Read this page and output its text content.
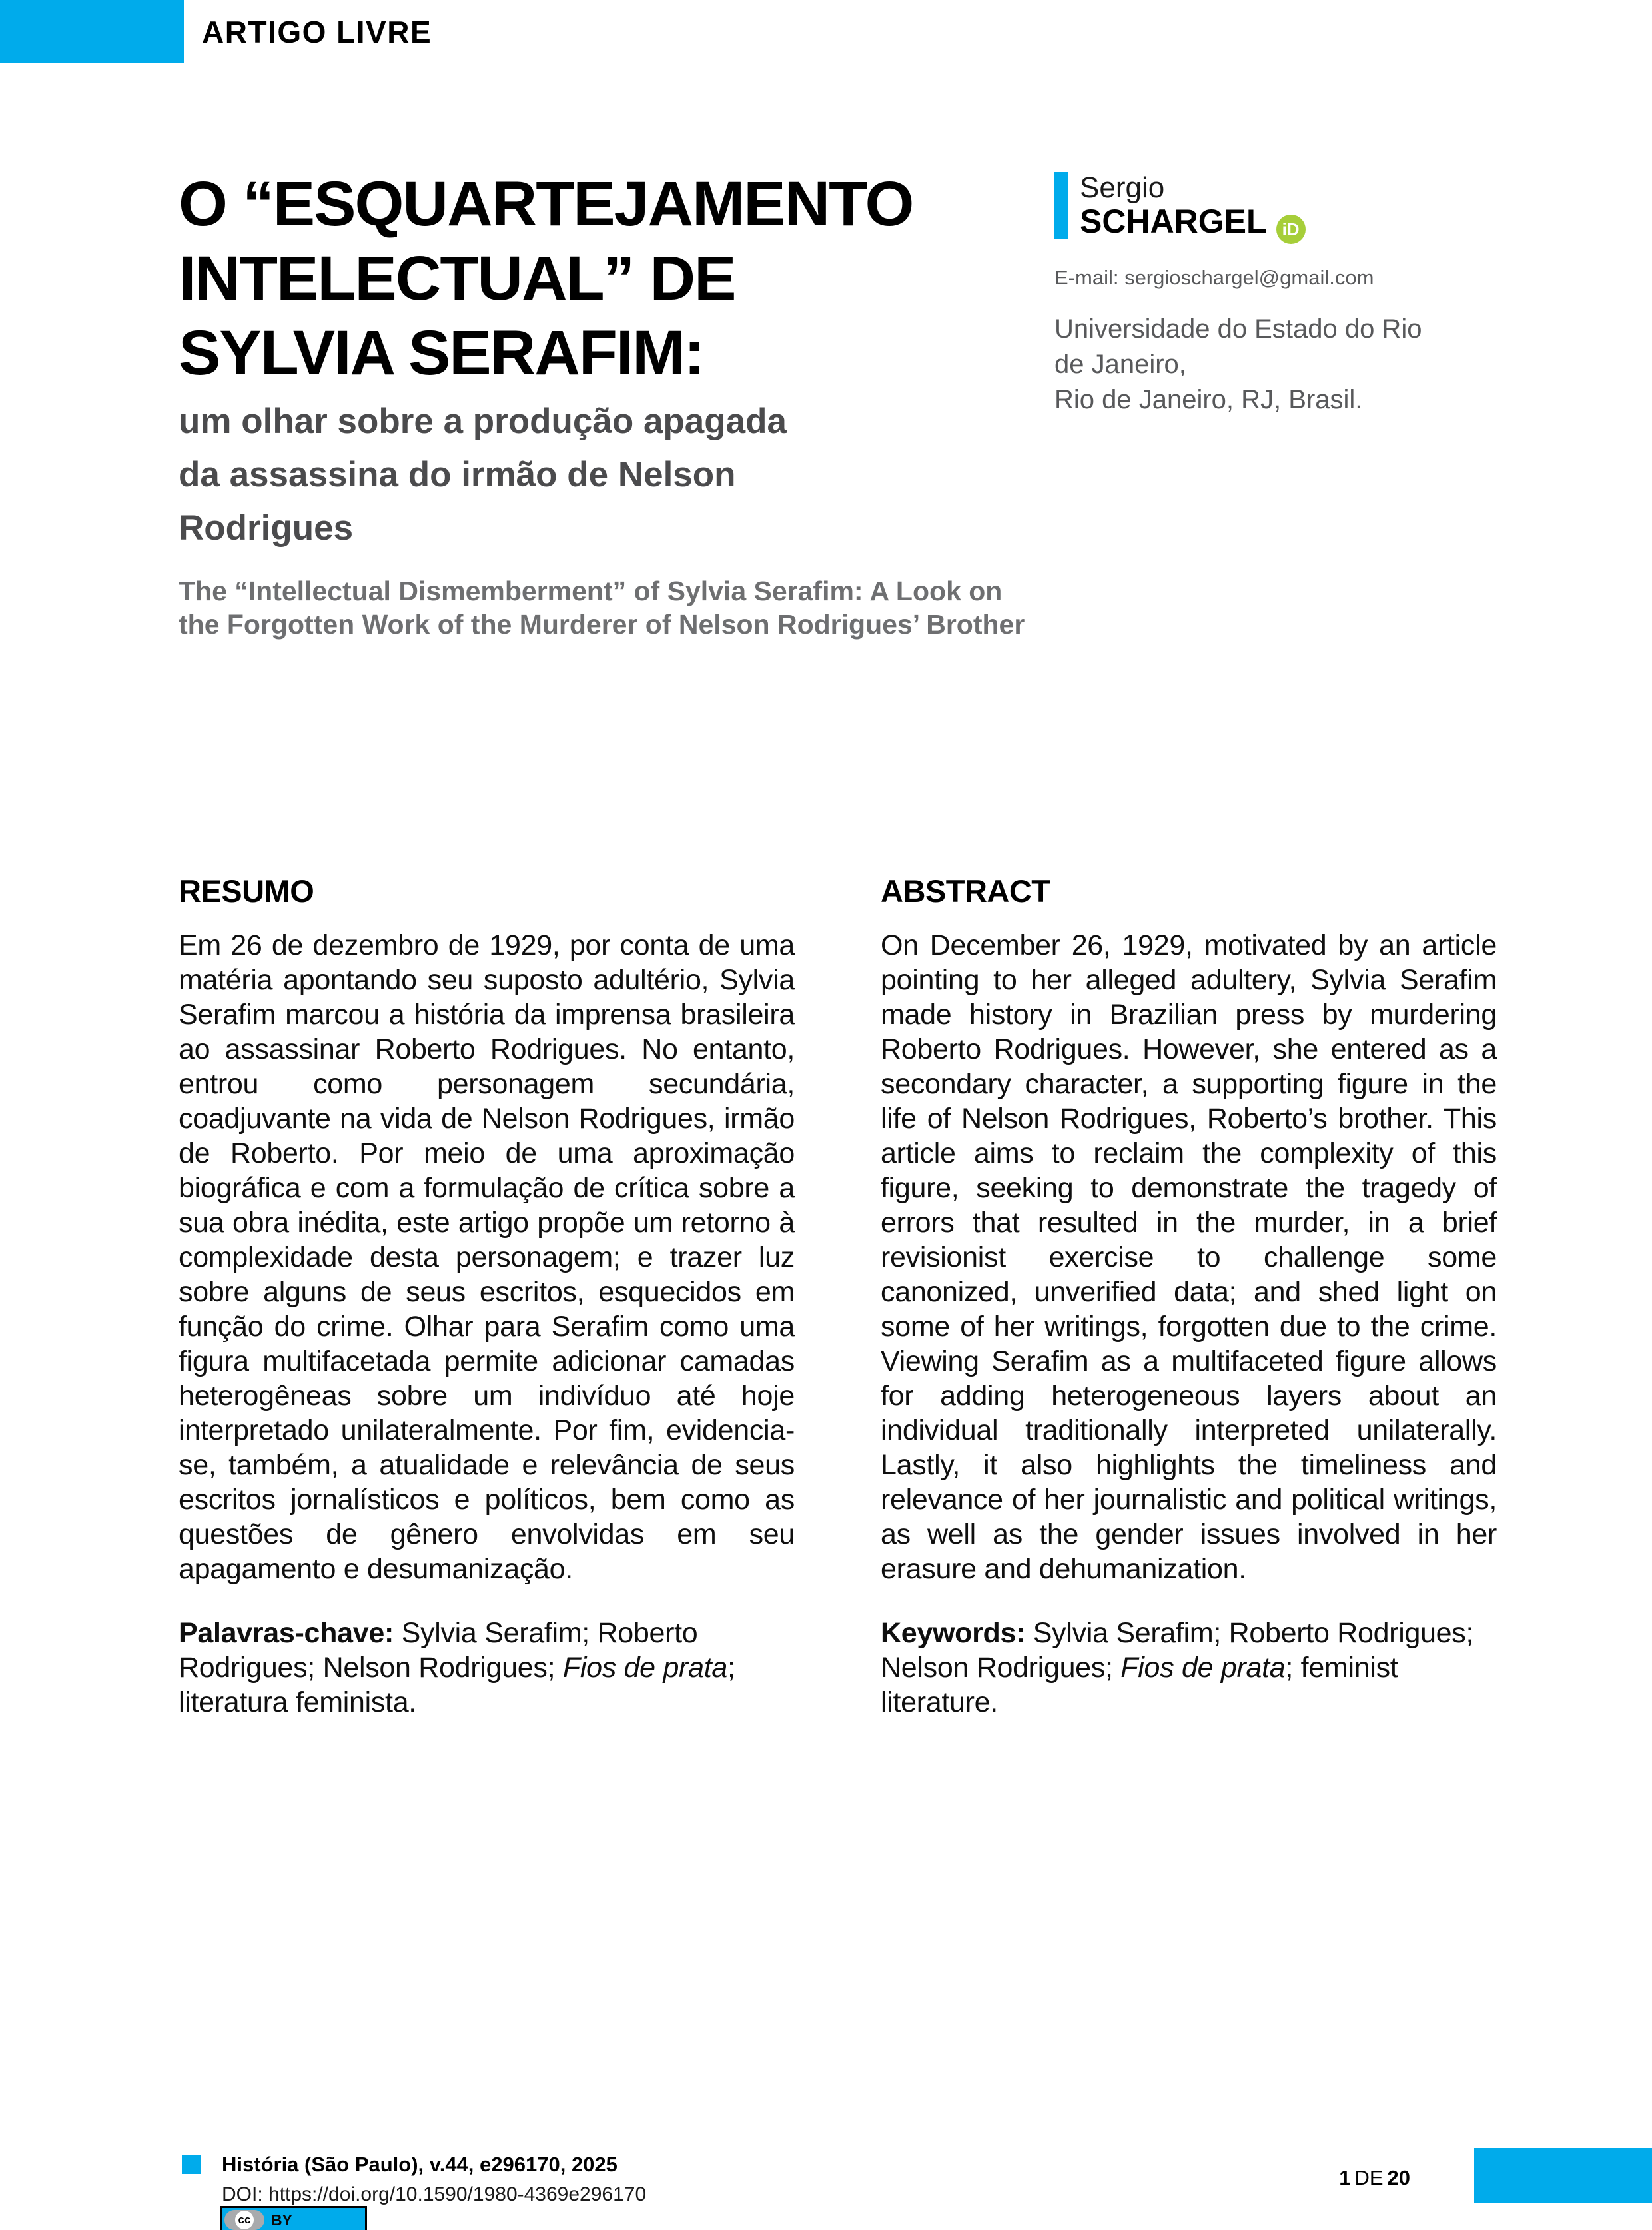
ARTIGO LIVRE
O “ESQUARTEJAMENTO
INTELECTUAL” DE
SYLVIA SERAFIM:
um olhar sobre a produção apagada
da assassina do irmão de Nelson
Rodrigues
The “Intellectual Dismemberment” of Sylvia Serafim: A Look on
the Forgotten Work of the Murderer of Nelson Rodrigues’ Brother
Sergio
SCHARGEL iD
E-mail: sergioschargel@gmail.com
Universidade do Estado do Rio
de Janeiro,
Rio de Janeiro, RJ, Brasil.
RESUMO

Em 26 de dezembro de 1929, por conta de uma matéria apontando seu suposto adultério, Sylvia Serafim marcou a história da imprensa brasileira ao assassinar Roberto Rodrigues. No entanto, entrou como personagem secundária, coadjuvante na vida de Nelson Rodrigues, irmão de Roberto. Por meio de uma aproximação biográfica e com a formulação de crítica sobre a sua obra inédita, este artigo propõe um retorno à complexidade desta personagem; e trazer luz sobre alguns de seus escritos, esquecidos em função do crime. Olhar para Serafim como uma figura multifacetada permite adicionar camadas heterogêneas sobre um indivíduo até hoje interpretado unilateralmente. Por fim, evidencia-se, também, a atualidade e relevância de seus escritos jornalísticos e políticos, bem como as questões de gênero envolvidas em seu apagamento e desumanização.

Palavras-chave: Sylvia Serafim; Roberto Rodrigues; Nelson Rodrigues; Fios de prata; literatura feminista.

ABSTRACT

On December 26, 1929, motivated by an article pointing to her alleged adultery, Sylvia Serafim made history in Brazilian press by murdering Roberto Rodrigues. However, she entered as a secondary character, a supporting figure in the life of Nelson Rodrigues, Roberto’s brother. This article aims to reclaim the complexity of this figure, seeking to demonstrate the tragedy of errors that resulted in the murder, in a brief revisionist exercise to challenge some canonized, unverified data; and shed light on some of her writings, forgotten due to the crime. Viewing Serafim as a multifaceted figure allows for adding heterogeneous layers about an individual traditionally interpreted unilaterally. Lastly, it also highlights the timeliness and relevance of her journalistic and political writings, as well as the gender issues involved in her erasure and dehumanization.

Keywords: Sylvia Serafim; Roberto Rodrigues; Nelson Rodrigues; Fios de prata; feminist literature.

História (São Paulo), v.44, e296170, 2025
DOI: https://doi.org/10.1590/1980-4369e296170
cc BY
1 DE 20
